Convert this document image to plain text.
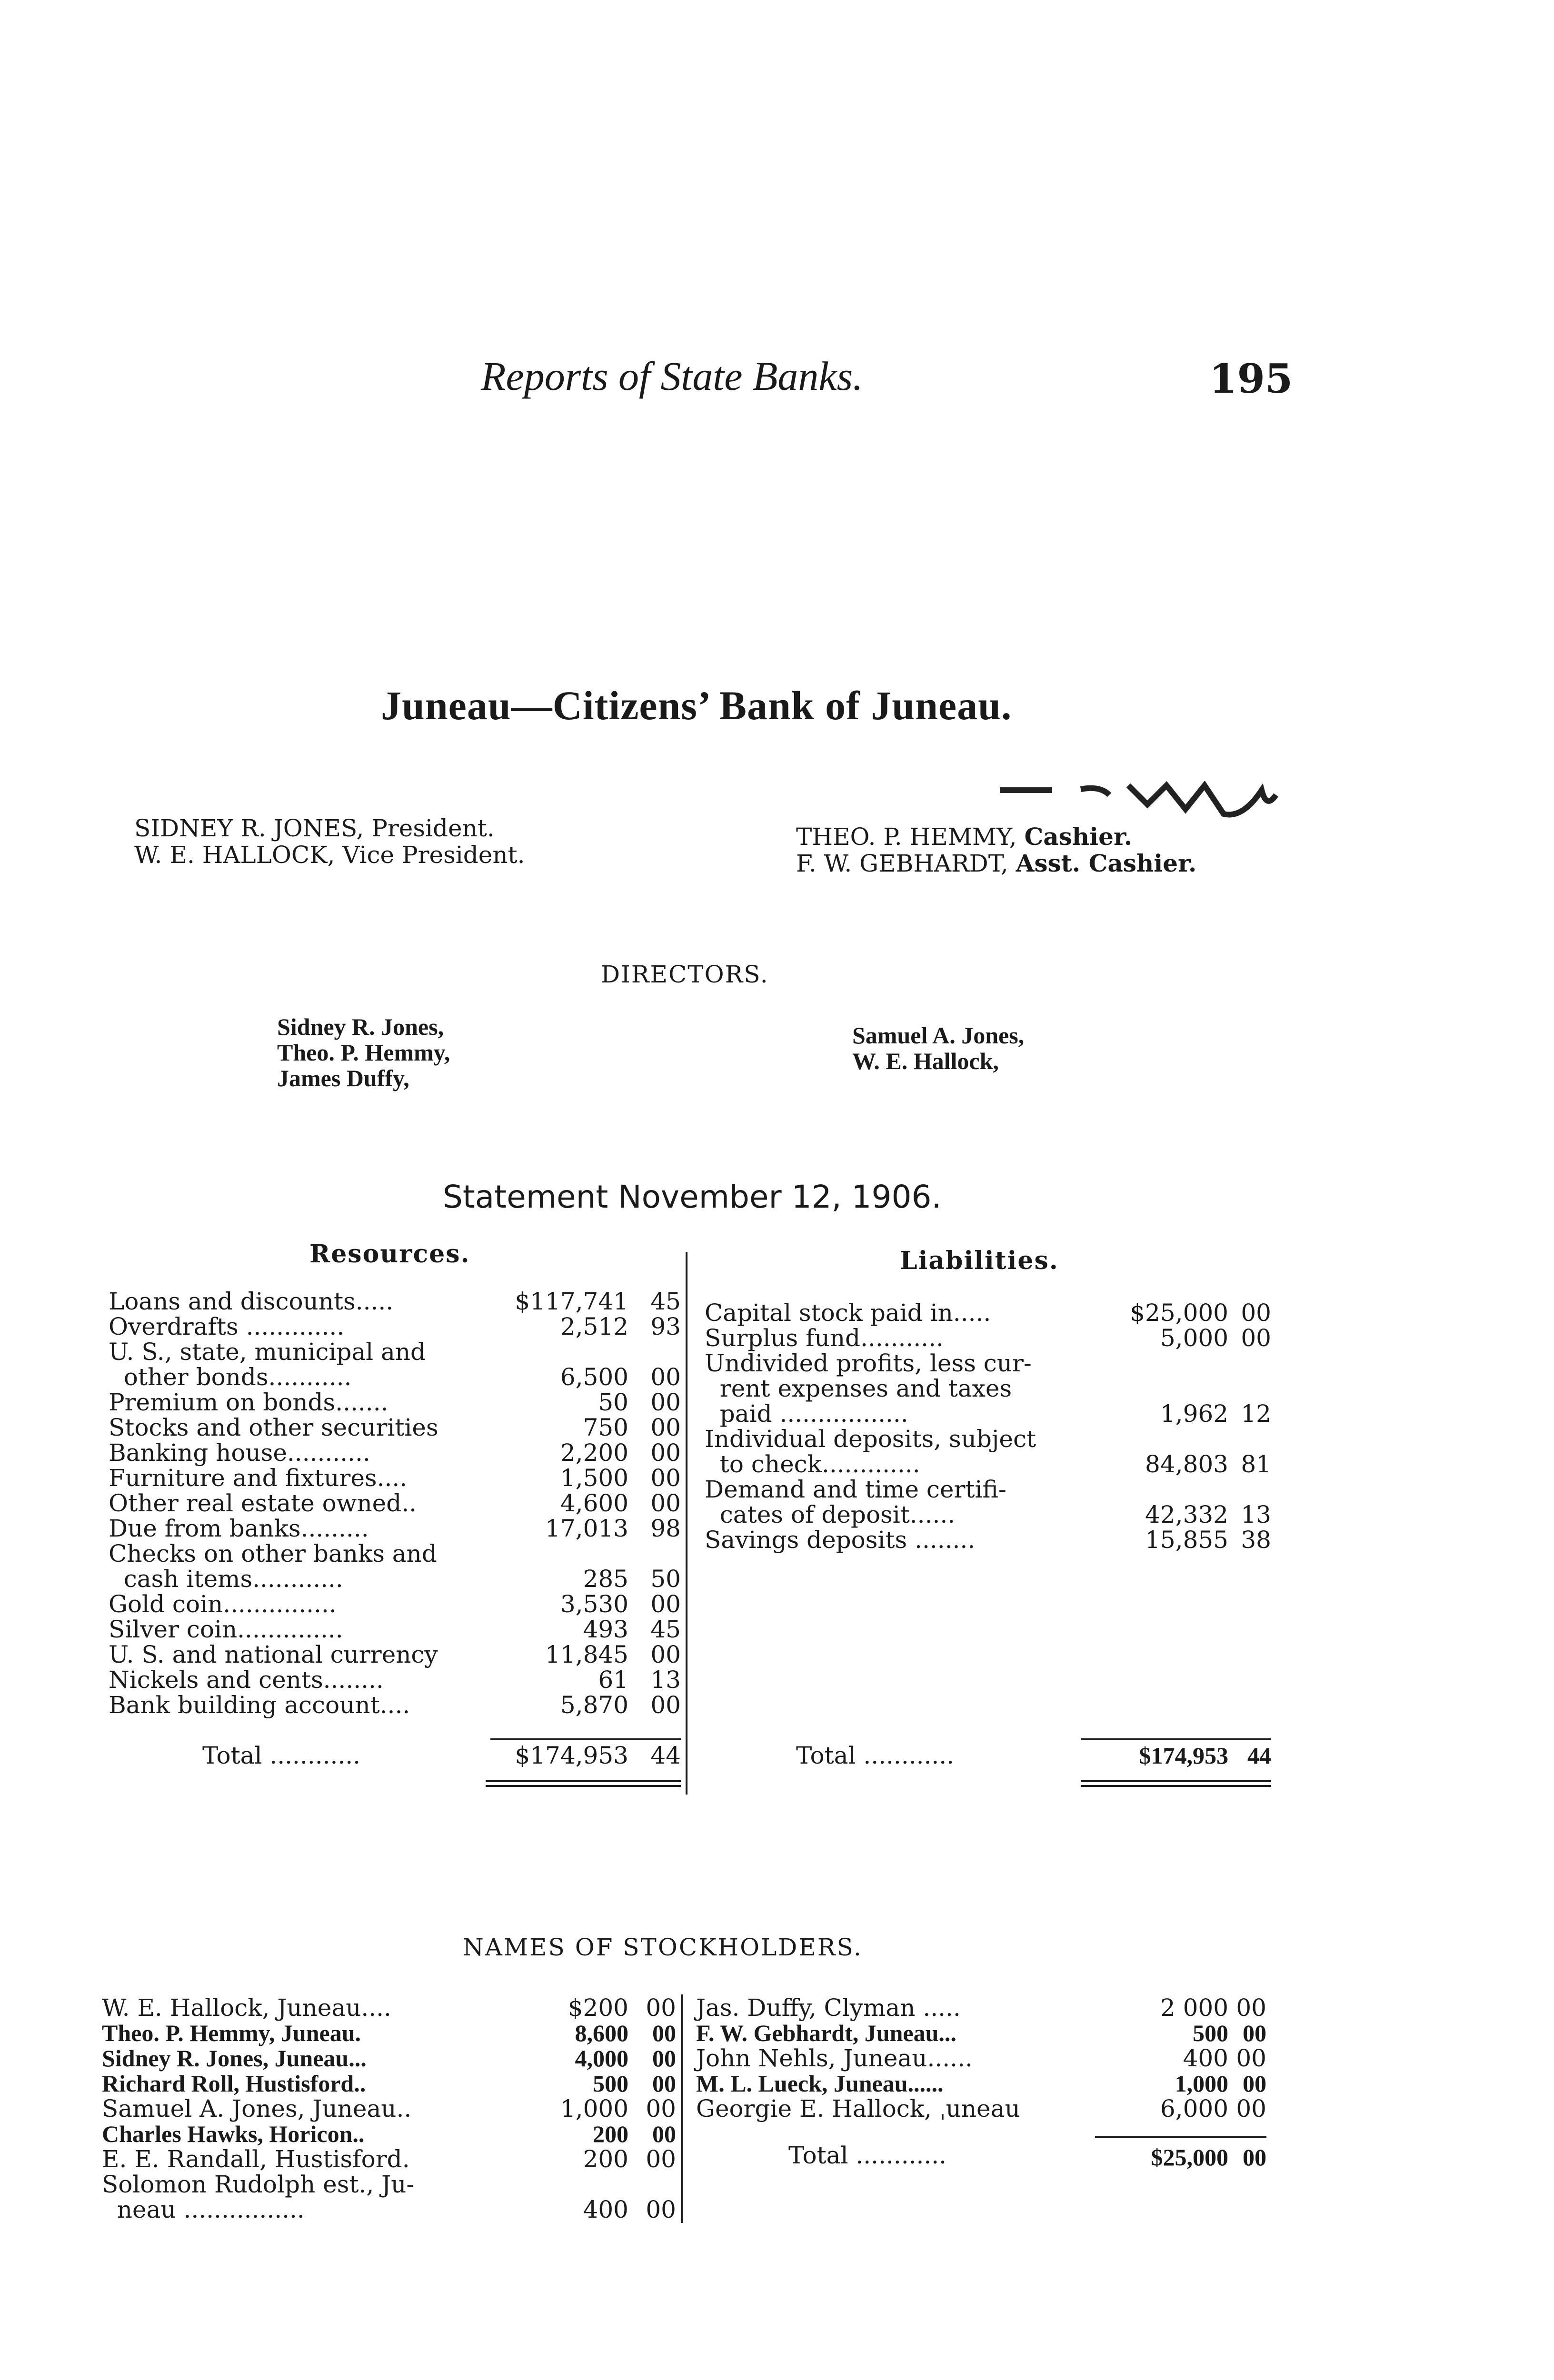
Reports of State Banks.	195
Juneau—Citizens’ Bank of Juneau.
SIDNEY R. JONES, President.
W. E. HALLOCK, Vice President.
THEO. P. HEMMY, Cashier.
F. W. GEBHARDT, Asst. Cashier.
DIRECTORS.
Sidney R. Jones,
Theo. P. Hemmy,
James Duffy,
Samuel A. Jones,
W. E. Hallock,
Statement November 12, 1906.
Resources.	Liabilities.
Loans and discounts.....	$117,741 45
Overdrafts .............	2,512 93
U. S., state, municipal and
other bonds...........	6,500 00
Premium on bonds.......	50 00
Stocks and other securities	750 00
Banking house...........	2,200 00
Furniture and fixtures....	1,500 00
Other real estate owned..	4,600 00
Due from banks.........	17,013 98
Checks on other banks and
cash items............	285 50
Gold coin...............	3,530 00
Silver coin..............	493 45
U. S. and national currency	11,845 00
Nickels and cents........	61 13
Bank building account....	5,870 00
Capital stock paid in.....	$25,000 00
Surplus fund...........	5,000 00
Undivided profits, less cur-
rent expenses and taxes
paid .................	1,962 12
Individual deposits, subject
to check.............	84,803 81
Demand and time certifi-
cates of deposit......	42,332 13
Savings deposits ........	15,855 38
Total ............	$174,953 44	Total ............	$174,953 44
NAMES OF STOCKHOLDERS.
W. E. Hallock, Juneau....	$200 00
Theo. P. Hemmy, Juneau.	8,600	00
Sidney R. Jones, Juneau...	4,000	00
Richard Roll, Hustisford..	500	00
Samuel A. Jones, Juneau..	1,000 00
Charles Hawks, Horicon..	200	00
E. E. Randall, Hustisford.	200 00
Solomon Rudolph est., Ju-
neau ................	400 00
Jas. Duffy, Clyman .....	2 000 00
F. W. Gebhardt, Juneau...	500 00
John Nehls, Juneau......	400 00
M. L. Lueck, Juneau......	1,000 00
Georgie E. Hallock, ˌuneau	6,000 00
Total ............	$25,000 00
